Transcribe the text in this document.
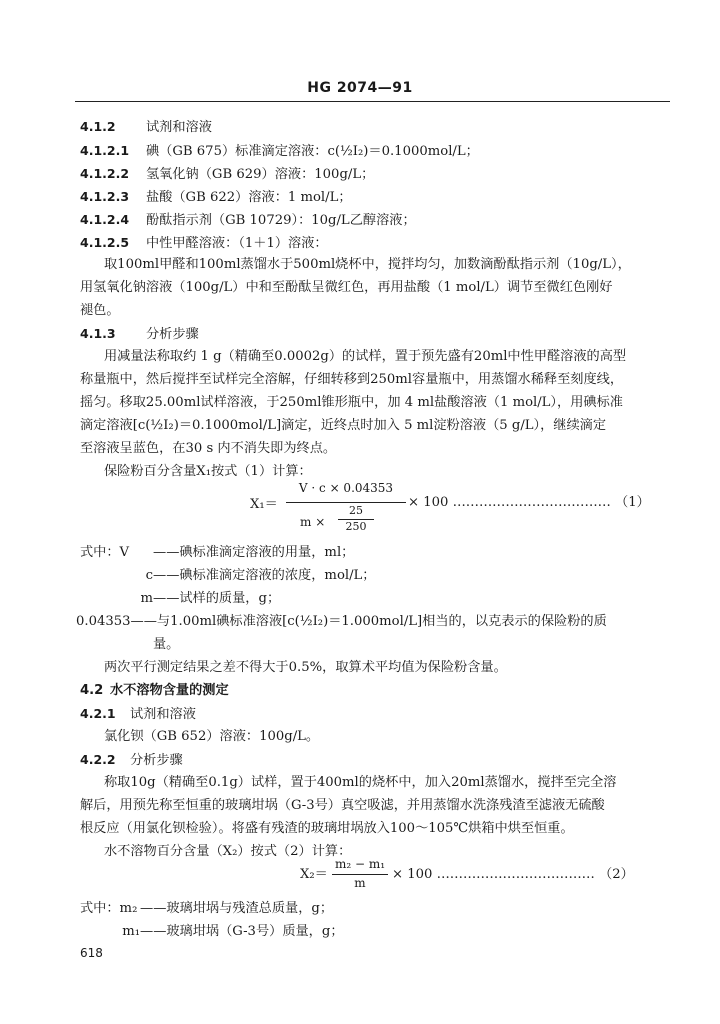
HG 2074—91
4.1.2 试剂和溶液
4.1.2.1 碘（GB 675）标准滴定溶液：c(½I₂)＝0.1000mol/L；
4.1.2.2 氢氧化钠（GB 629）溶液：100g/L；
4.1.2.3 盐酸（GB 622）溶液：1 mol/L；
4.1.2.4 酚酞指示剂（GB 10729）：10g/L乙醇溶液；
4.1.2.5 中性甲醛溶液：（1＋1）溶液：
取100ml甲醛和100ml蒸馏水于500ml烧杯中，搅拌均匀，加数滴酚酞指示剂（10g/L），
用氢氧化钠溶液（100g/L）中和至酚酞呈微红色，再用盐酸（1 mol/L）调节至微红色刚好
褪色。
4.1.3 分析步骤
用减量法称取约 1 g（精确至0.0002g）的试样，置于预先盛有20ml中性甲醛溶液的高型
称量瓶中，然后搅拌至试样完全溶解，仔细转移到250ml容量瓶中，用蒸馏水稀释至刻度线，
摇匀。移取25.00ml试样溶液，于250ml锥形瓶中，加 4 ml盐酸溶液（1 mol/L），用碘标准
滴定溶液[c(½I₂)＝0.1000mol/L]滴定，近终点时加入 5 ml淀粉溶液（5 g/L），继续滴定
至溶液呈蓝色，在30 s 内不消失即为终点。
保险粉百分含量X₁按式（1）计算：
X₁＝
V · c × 0.04353
m ×
25
250
× 100 ……………………………… （1）
式中：V ——碘标准滴定溶液的用量，ml；
c——碘标准滴定溶液的浓度，mol/L；
m——试样的质量，g；
0.04353——与1.00ml碘标准溶液[c(½I₂)＝1.000mol/L]相当的，以克表示的保险粉的质
量。
两次平行测定结果之差不得大于0.5%，取算术平均值为保险粉含量。
4.2 水不溶物含量的测定
4.2.1 试剂和溶液
氯化钡（GB 652）溶液：100g/L。
4.2.2 分析步骤
称取10g（精确至0.1g）试样，置于400ml的烧杯中，加入20ml蒸馏水，搅拌至完全溶
解后，用预先称至恒重的玻璃坩埚（G-3号）真空吸滤，并用蒸馏水洗涤残渣至滤液无硫酸
根反应（用氯化钡检验）。将盛有残渣的玻璃坩埚放入100～105℃烘箱中烘至恒重。
水不溶物百分含量（X₂）按式（2）计算：
X₂＝
m₂ − m₁
m
× 100 ……………………………… （2）
式中：m₂ ——玻璃坩埚与残渣总质量，g；
m₁——玻璃坩埚（G-3号）质量，g；
618
